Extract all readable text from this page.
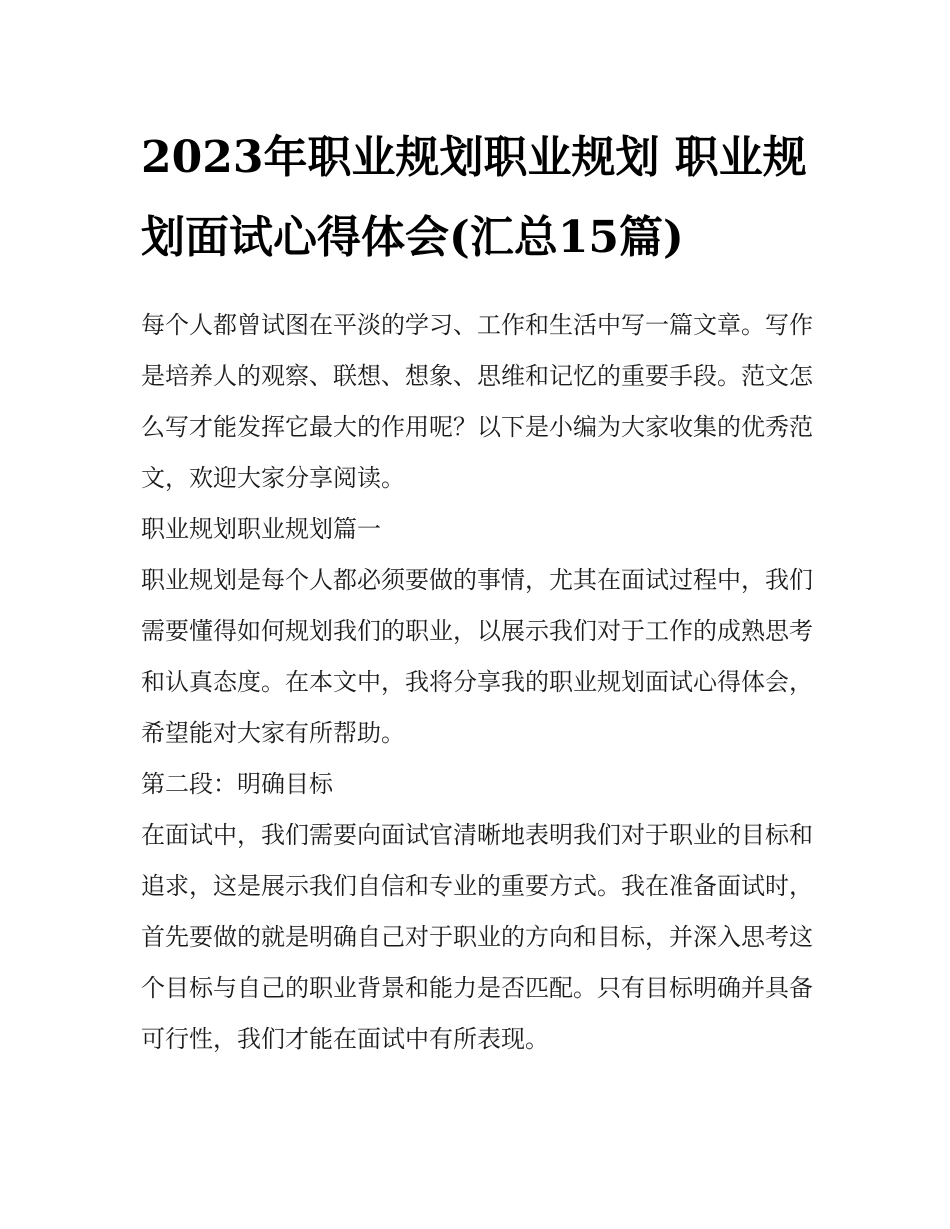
2023年职业规划职业规划 职业规划面试心得体会(汇总15篇)

每个人都曾试图在平淡的学习、工作和生活中写一篇文章。写作是培养人的观察、联想、想象、思维和记忆的重要手段。范文怎么写才能发挥它最大的作用呢？以下是小编为大家收集的优秀范文，欢迎大家分享阅读。

职业规划职业规划篇一

职业规划是每个人都必须要做的事情，尤其在面试过程中，我们需要懂得如何规划我们的职业，以展示我们对于工作的成熟思考和认真态度。在本文中，我将分享我的职业规划面试心得体会，希望能对大家有所帮助。

第二段：明确目标

在面试中，我们需要向面试官清晰地表明我们对于职业的目标和追求，这是展示我们自信和专业的重要方式。我在准备面试时，首先要做的就是明确自己对于职业的方向和目标，并深入思考这个目标与自己的职业背景和能力是否匹配。只有目标明确并具备可行性，我们才能在面试中有所表现。
